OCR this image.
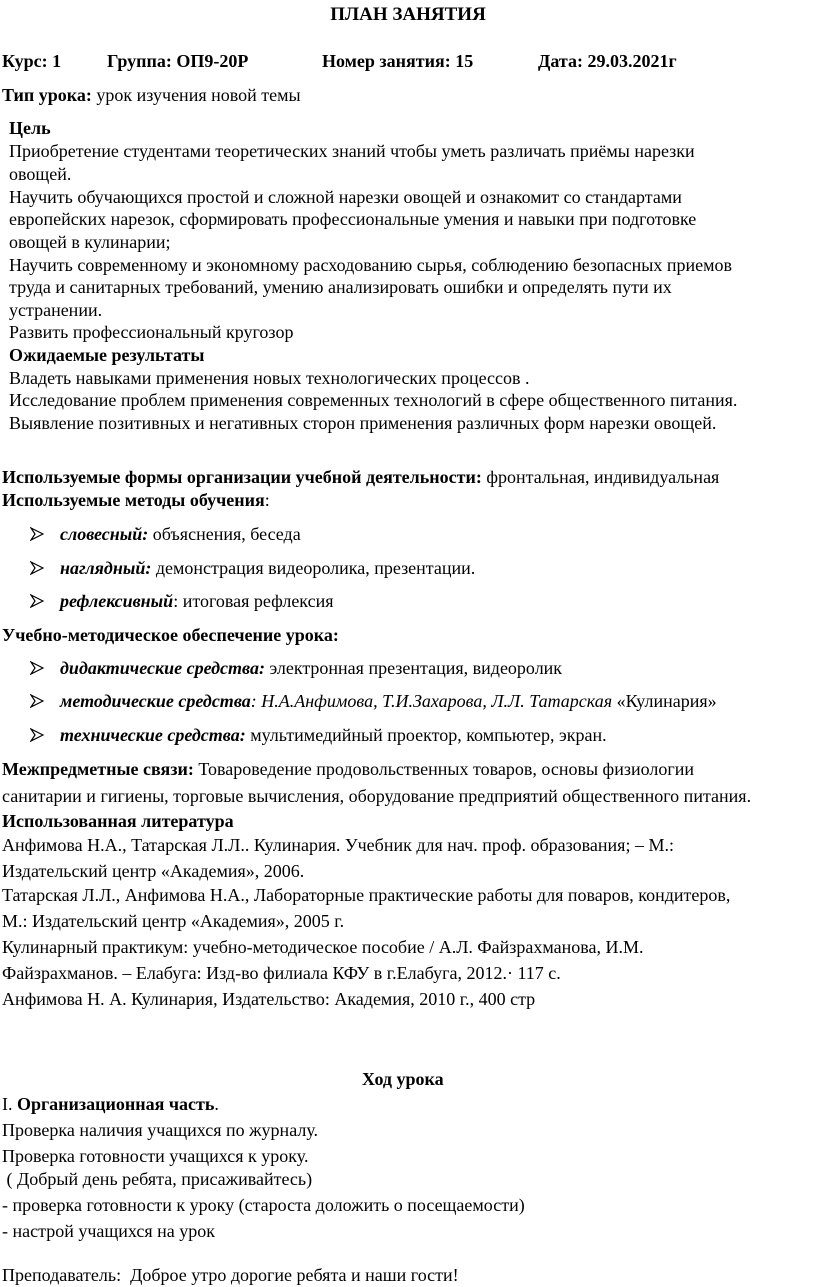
ПЛАН ЗАНЯТИЯ
Курс: 1	Группа: ОП9-20Р	Номер занятия: 15	Дата: 29.03.2021г
Тип урока: урок изучения новой темы
Цель
Приобретение студентами теоретических знаний чтобы уметь различать приёмы нарезки
овощей.
Научить обучающихся простой и сложной нарезки овощей и ознакомит со стандартами
европейских нарезок, сформировать профессиональные умения и навыки при подготовке
овощей в кулинарии;
Научить современному и экономному расходованию сырья, соблюдению безопасных приемов
труда и санитарных требований, умению анализировать ошибки и определять пути их
устранении.
Развить профессиональный кругозор
Ожидаемые результаты
Владеть навыками применения новых технологических процессов .
Исследование проблем применения современных технологий в сфере общественного питания.
Выявление позитивных и негативных сторон применения различных форм нарезки овощей.
Используемые формы организации учебной деятельности: фронтальная, индивидуальная
Используемые методы обучения:
словесный: объяснения, беседа
наглядный: демонстрация видеоролика, презентации.
рефлексивный: итоговая рефлексия
Учебно-методическое обеспечение урока:
дидактические средства: электронная презентация, видеоролик
методические средства: Н.А.Анфимова, Т.И.Захарова, Л.Л. Татарская «Кулинария»
технические средства: мультимедийный проектор, компьютер, экран.
Межпредметные связи: Товароведение продовольственных товаров, основы физиологии
санитарии и гигиены, торговые вычисления, оборудование предприятий общественного питания.
Использованная литература
Анфимова Н.А., Татарская Л.Л.. Кулинария. Учебник для нач. проф. образования; – М.:
Издательский центр «Академия», 2006.
Татарская Л.Л., Анфимова Н.А., Лабораторные практические работы для поваров, кондитеров,
М.: Издательский центр «Академия», 2005 г.
Кулинарный практикум: учебно-методическое пособие / А.Л. Файзрахманова, И.М.
Файзрахманов. – Елабуга: Изд-во филиала КФУ в г.Елабуга, 2012.· 117 с.
Анфимова Н. А. Кулинария, Издательство: Академия, 2010 г., 400 стр
Ход урока
I. Организационная часть.
Проверка наличия учащихся по журналу.
Проверка готовности учащихся к уроку.
( Добрый день ребята, присаживайтесь)
- проверка готовности к уроку (староста доложить о посещаемости)
- настрой учащихся на урок
Преподаватель:  Доброе утро дорогие ребята и наши гости!
